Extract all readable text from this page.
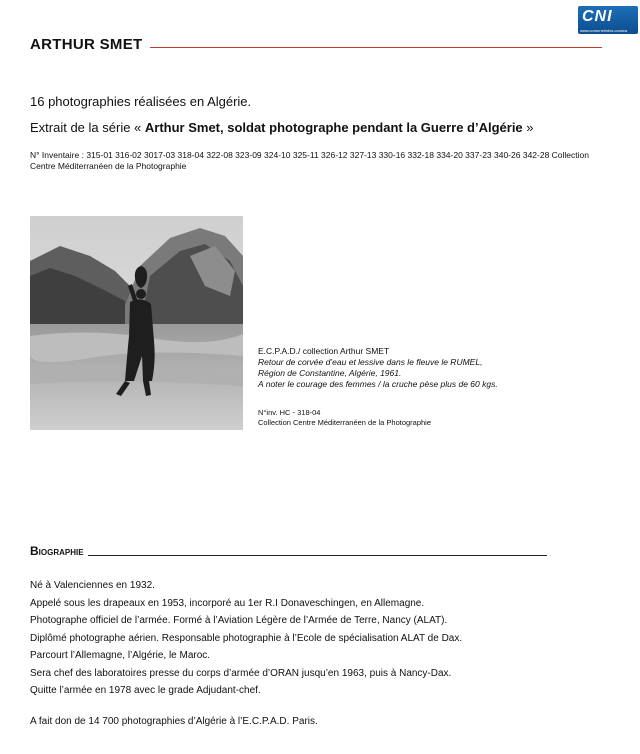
CNI
www.corsenetinfos.corsica
ARTHUR SMET
16 photographies réalisées en Algérie.
Extrait de la série « Arthur Smet, soldat photographe pendant la Guerre d’Algérie »
N° Inventaire : 315-01 316-02 3017-03 318-04 322-08 323-09 324-10 325-11 326-12 327-13 330-16 332-18 334-20 337-23 340-26 342-28 Collection Centre Méditerranéen de la Photographie
E.C.P.A.D./ collection Arthur SMET
Retour de corvée d’eau et lessive dans le fleuve le RUMEL,
Région de Constantine, Algérie, 1961.
A noter le courage des femmes / la cruche pèse plus de 60 kgs.
N°inv. HC - 318-04
Collection Centre Méditerranéen de la Photographie
Biographie
Né à Valenciennes en 1932.
Appelé sous les drapeaux en 1953, incorporé au 1er R.I Donaveschingen, en Allemagne.
Photographe officiel de l’armée. Formé à l’Aviation Légère de l’Armée de Terre, Nancy (ALAT).
Diplômé photographe aérien. Responsable photographie à l’Ecole de spécialisation ALAT de Dax.
Parcourt l’Allemagne, l’Algérie, le Maroc.
Sera chef des laboratoires presse du corps d’armée d’ORAN jusqu’en 1963, puis à Nancy-Dax.
Quitte l’armée en 1978 avec le grade Adjudant-chef.
A fait don de 14 700 photographies d’Algérie à l’E.C.P.A.D. Paris.
